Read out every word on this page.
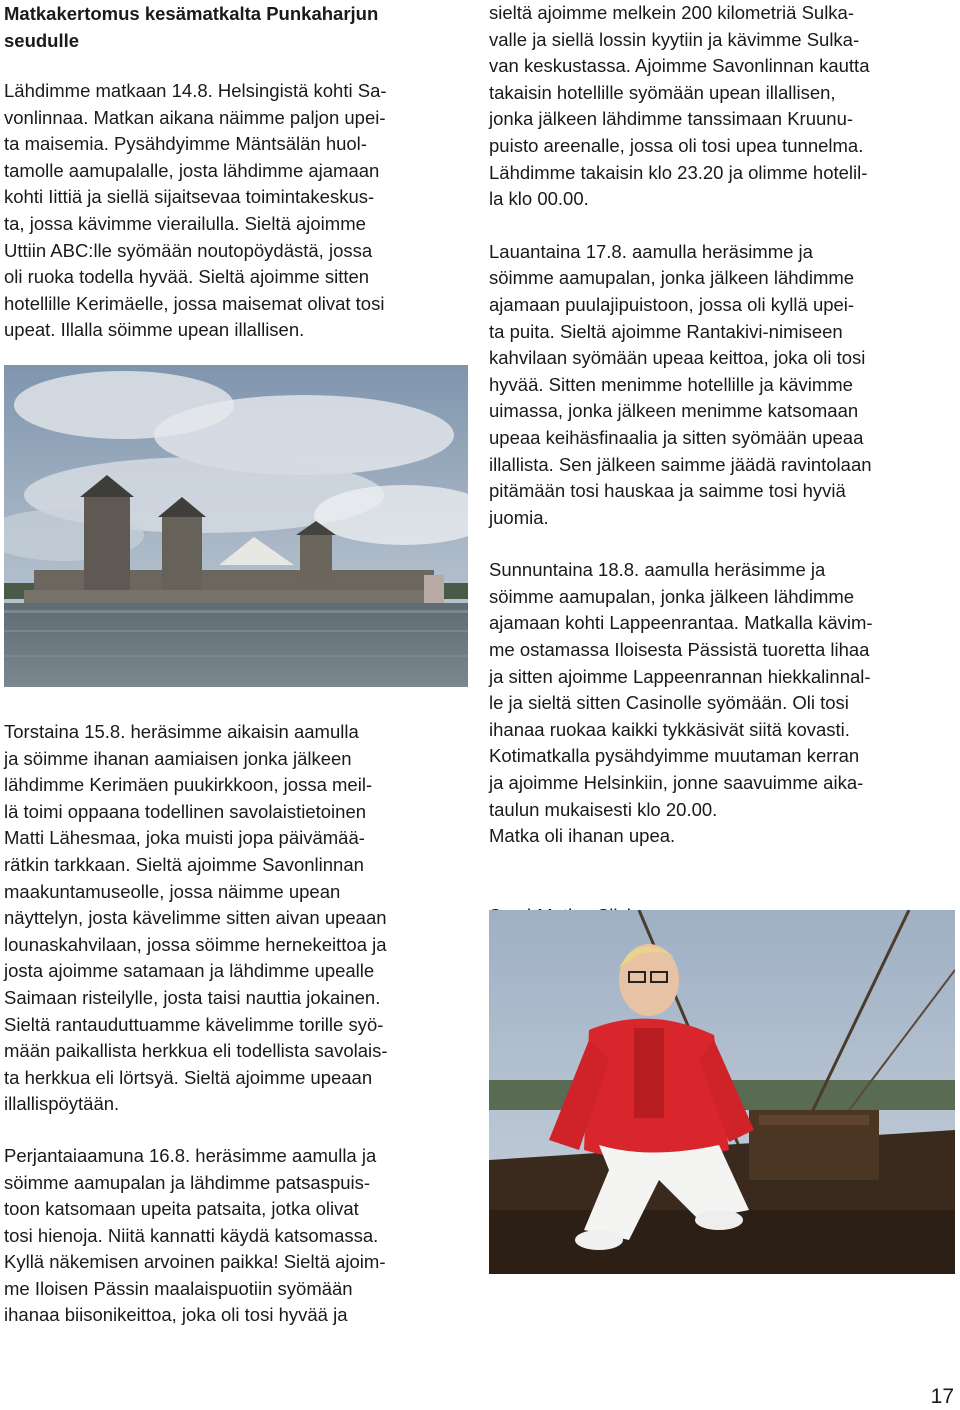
Matkakertomus kesämatkalta Punkaharjun

seudulle

Lähdimme matkaan 14.8. Helsingistä kohti Sa-

vonlinnaa. Matkan aikana näimme paljon upei-

ta maisemia. Pysähdyimme Mäntsälän huol-

tamolle aamupalalle, josta lähdimme ajamaan

kohti Iittiä ja siellä sijaitsevaa toimintakeskus-

ta, jossa kävimme vierailulla. Sieltä ajoimme

Uttiin ABC:lle syömään noutopöydästä, jossa

oli ruoka todella hyvää. Sieltä ajoimme sitten

hotellille Kerimäelle, jossa maisemat olivat tosi

upeat. Illalla söimme upean illallisen.

Torstaina 15.8. heräsimme aikaisin aamulla

ja söimme ihanan aamiaisen jonka jälkeen

lähdimme Kerimäen puukirkkoon, jossa meil-

lä toimi oppaana todellinen savolaistietoinen

Matti Lähesmaa, joka muisti jopa päivämää-

rätkin tarkkaan. Sieltä ajoimme Savonlinnan

maakuntamuseolle, jossa näimme upean

näyttelyn, josta kävelimme sitten aivan upeaan

lounaskahvilaan, jossa söimme hernekeittoa ja

josta ajoimme satamaan ja lähdimme upealle

Saimaan risteilylle, josta taisi nauttia jokainen.

Sieltä rantauduttuamme kävelimme torille syö-

mään paikallista herkkua eli todellista savolais-

ta herkkua eli lörtsyä. Sieltä ajoimme upeaan

illallispöytään.

Perjantaiaamuna 16.8. heräsimme aamulla ja

söimme aamupalan ja lähdimme patsaspuis-

toon katsomaan upeita patsaita, jotka olivat

tosi hienoja. Niitä kannatti käydä katsomassa.

Kyllä näkemisen arvoinen paikka! Sieltä ajoim-

me Iloisen Pässin maalaispuotiin syömään

ihanaa biisonikeittoa, joka oli tosi hyvää ja

sieltä ajoimme melkein 200 kilometriä Sulka-

valle ja siellä lossin kyytiin ja kävimme Sulka-

van keskustassa. Ajoimme Savonlinnan kautta

takaisin hotellille syömään upean illallisen,

jonka jälkeen lähdimme tanssimaan Kruunu-

puisto areenalle, jossa oli tosi upea tunnelma.

Lähdimme takaisin klo 23.20 ja olimme hotelil-

la klo 00.00.

Lauantaina 17.8. aamulla heräsimme ja

söimme aamupalan, jonka jälkeen lähdimme

ajamaan puulajipuistoon, jossa oli kyllä upei-

ta puita. Sieltä ajoimme Rantakivi-nimiseen

kahvilaan syömään upeaa keittoa, joka oli tosi

hyvää. Sitten menimme hotellille ja kävimme

uimassa, jonka jälkeen menimme katsomaan

upeaa keihäsfinaalia ja sitten syömään upeaa

illallista. Sen jälkeen saimme jäädä ravintolaan

pitämään tosi hauskaa ja saimme tosi hyviä

juomia.

Sunnuntaina 18.8. aamulla heräsimme ja

söimme aamupalan, jonka jälkeen lähdimme

ajamaan kohti Lappeenrantaa. Matkalla kävim-

me ostamassa Iloisesta Pässistä tuoretta lihaa

ja sitten ajoimme Lappeenrannan hiekkalinnal-

le ja sieltä sitten Casinolle syömään. Oli tosi

ihanaa ruokaa kaikki tykkäsivät siitä kovasti.

Kotimatkalla pysähdyimme muutaman kerran

ja ajoimme Helsinkiin, jonne saavuimme aika-

taulun mukaisesti klo 20.00.

Matka oli ihanan upea.

17
